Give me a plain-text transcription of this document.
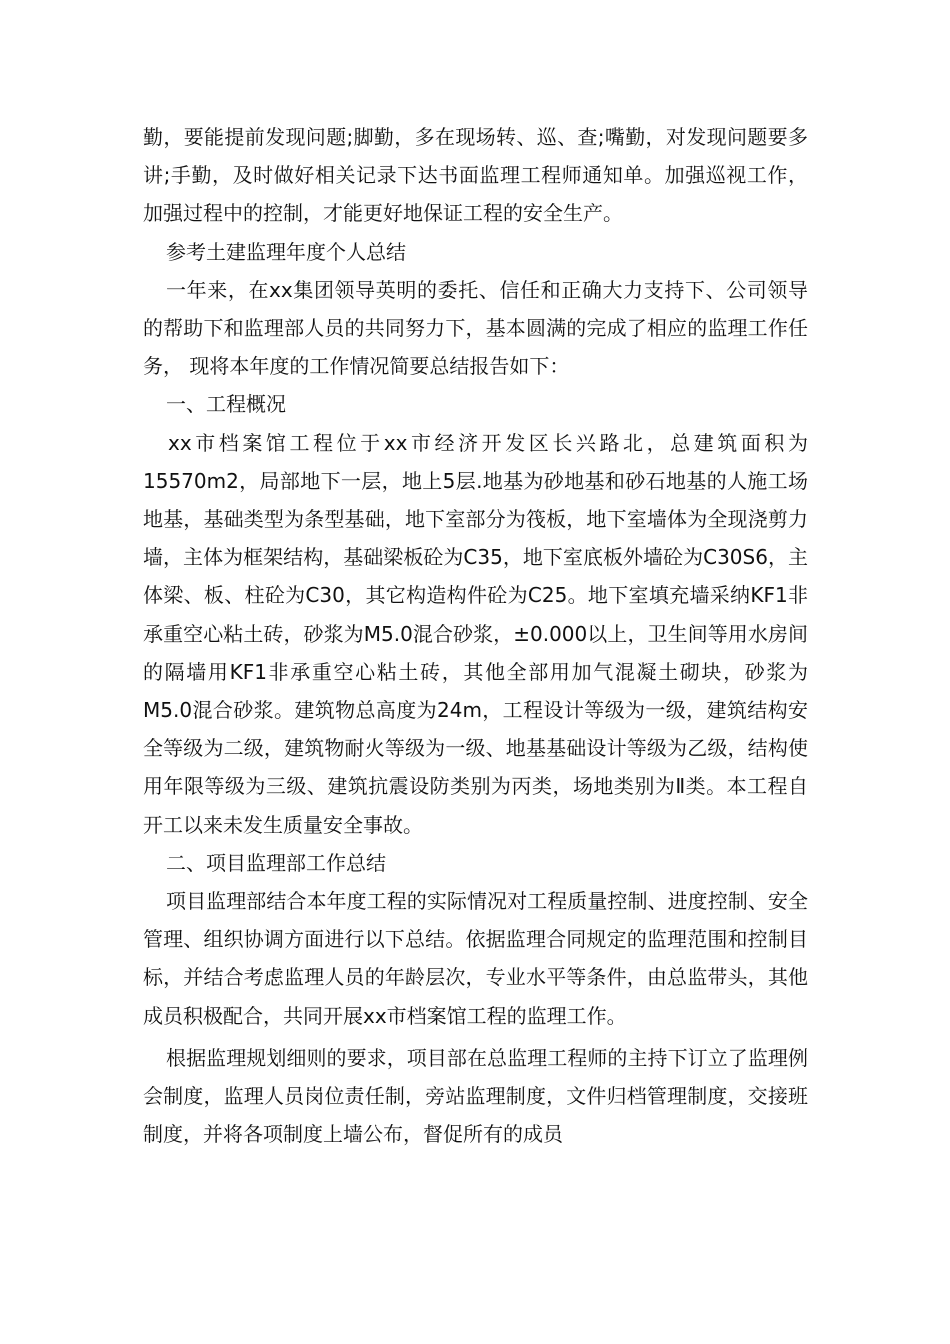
勤，要能提前发现问题;脚勤，多在现场转、巡、查;嘴勤，对发现问题要多讲;手勤，及时做好相关记录下达书面监理工程师通知单。加强巡视工作，加强过程中的控制，才能更好地保证工程的安全生产。

参考土建监理年度个人总结

一年来，在xx集团领导英明的委托、信任和正确大力支持下、公司领导的帮助下和监理部人员的共同努力下，基本圆满的完成了相应的监理工作任务， 现将本年度的工作情况简要总结报告如下：

一、工程概况

xx市档案馆工程位于xx市经济开发区长兴路北，总建筑面积为15570m2，局部地下一层，地上5层.地基为砂地基和砂石地基的人施工场地基，基础类型为条型基础，地下室部分为筏板，地下室墙体为全现浇剪力墙，主体为框架结构，基础梁板砼为C35，地下室底板外墙砼为C30S6，主体梁、板、柱砼为C30，其它构造构件砼为C25。地下室填充墙采纳KF1非承重空心粘土砖，砂浆为M5.0混合砂浆，±0.000以上，卫生间等用水房间的隔墙用KF1非承重空心粘土砖，其他全部用加气混凝土砌块，砂浆为M5.0混合砂浆。建筑物总高度为24m，工程设计等级为一级，建筑结构安全等级为二级，建筑物耐火等级为一级、地基基础设计等级为乙级，结构使用年限等级为三级、建筑抗震设防类别为丙类，场地类别为Ⅱ类。本工程自开工以来未发生质量安全事故。

二、项目监理部工作总结

项目监理部结合本年度工程的实际情况对工程质量控制、进度控制、安全管理、组织协调方面进行以下总结。依据监理合同规定的监理范围和控制目标，并结合考虑监理人员的年龄层次，专业水平等条件，由总监带头，其他成员积极配合，共同开展xx市档案馆工程的监理工作。

根据监理规划细则的要求，项目部在总监理工程师的主持下订立了监理例会制度，监理人员岗位责任制，旁站监理制度，文件归档管理制度，交接班制度，并将各项制度上墙公布，督促所有的成员
